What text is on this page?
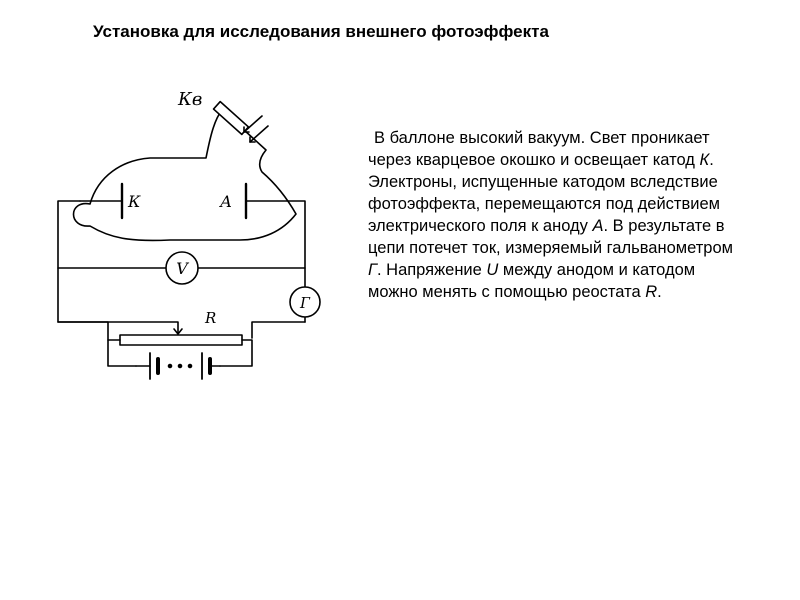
Установка для исследования внешнего фотоэффекта
Кв
К	А
V
Г
R

В баллоне высокий вакуум. Свет проникает через кварцевое окошко и освещает катод К. Электроны, испущенные катодом вследствие фотоэффекта, перемещаются под действием электрического поля к аноду А. В результате в цепи потечет ток, измеряемый гальванометром Г. Напряжение U между анодом и катодом можно менять с помощью реостата R.
